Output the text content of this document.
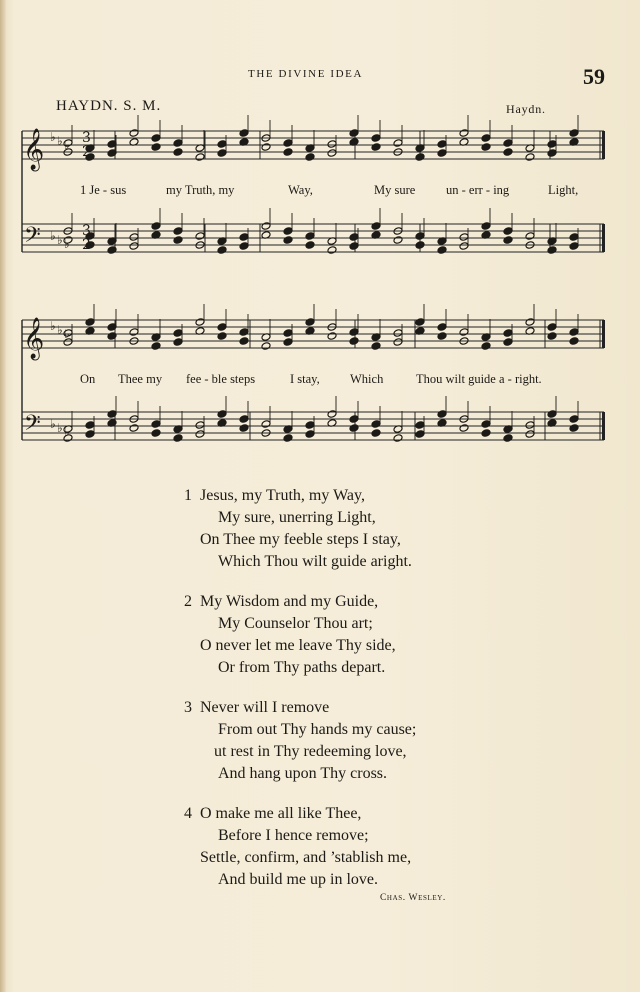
THE DIVINE IDEA	59
HAYDN. S. M.	Haydn.
𝄞
𝄢
♭
♭
♭
♭
♭
♭
𝄞
𝄢
♭
♭
♭
♭
♭
♭
3
2
3
2
1 Je - sus	my Truth, my	Way,	My sure un - err - ing	Light,
On Thee my fee - ble steps	I stay, Which	Thou wilt guide a - right.
1 Jesus, my Truth, my Way,
My sure, unerring Light,
On Thee my feeble steps I stay,
Which Thou wilt guide aright.
2 My Wisdom and my Guide,
My Counselor Thou art;
O never let me leave Thy side,
Or from Thy paths depart.
3 Never will I remove
From out Thy hands my cause;
ut rest in Thy redeeming love,
And hang upon Thy cross.
4 O make me all like Thee,
Before I hence remove;
Settle, confirm, and ’stablish me,
And build me up in love.
Chas. Wesley.
